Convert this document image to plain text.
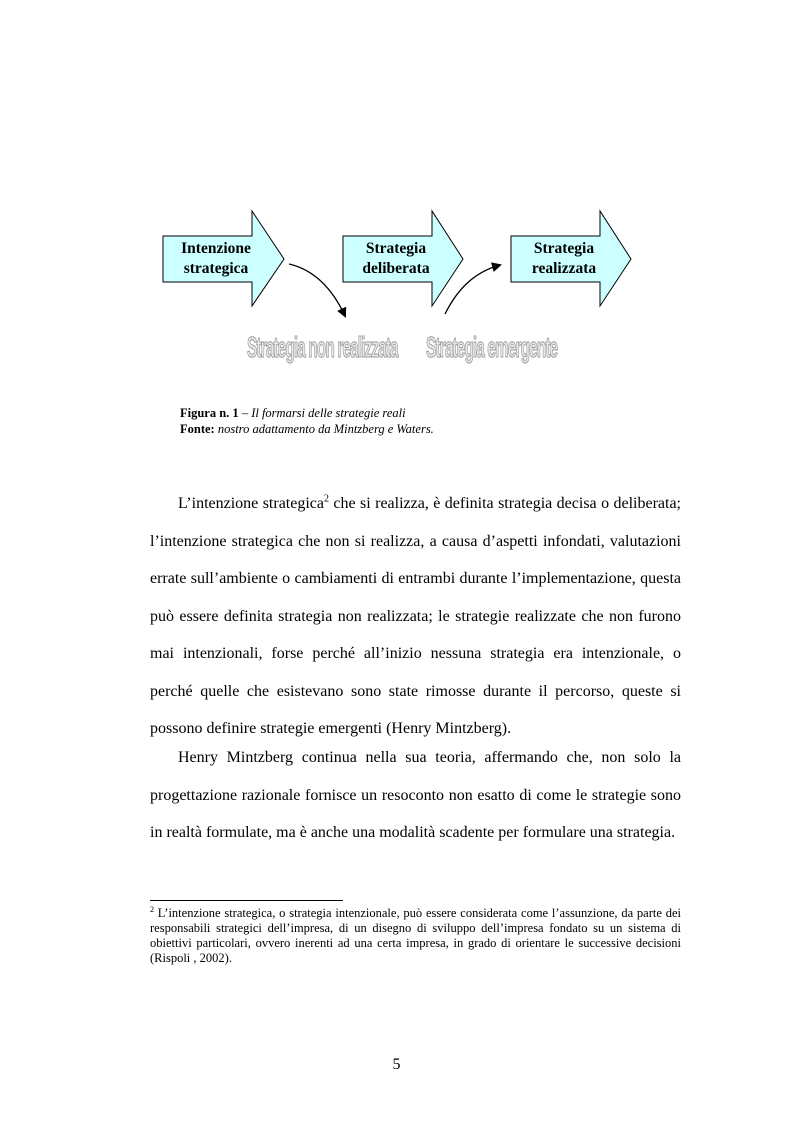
Intenzione
strategica
Strategia
deliberata
Strategia
realizzata
Strategia non realizzata Strategia emergente
Figura n. 1 – Il formarsi delle strategie reali
Fonte: nostro adattamento da Mintzberg e Waters.

L’intenzione strategica$^2$ che si realizza, è definita strategia decisa o deliberata; l’intenzione strategica che non si realizza, a causa d’aspetti infondati, valutazioni errate sull’ambiente o cambiamenti di entrambi durante l’implementazione, questa può essere definita strategia non realizzata; le strategie realizzate che non furono mai intenzionali, forse perché all’inizio nessuna strategia era intenzionale, o perché quelle che esistevano sono state rimosse durante il percorso, queste si possono definire strategie emergenti (Henry Mintzberg).

Henry Mintzberg continua nella sua teoria, affermando che, non solo la progettazione razionale fornisce un resoconto non esatto di come le strategie sono in realtà formulate, ma è anche una modalità scadente per formulare una strategia.

$^2$ L’intenzione strategica, o strategia intenzionale, può essere considerata come l’assunzione, da parte dei responsabili strategici dell’impresa, di un disegno di sviluppo dell’impresa fondato su un sistema di obiettivi particolari, ovvero inerenti ad una certa impresa, in grado di orientare le successive decisioni (Rispoli , 2002).

5
